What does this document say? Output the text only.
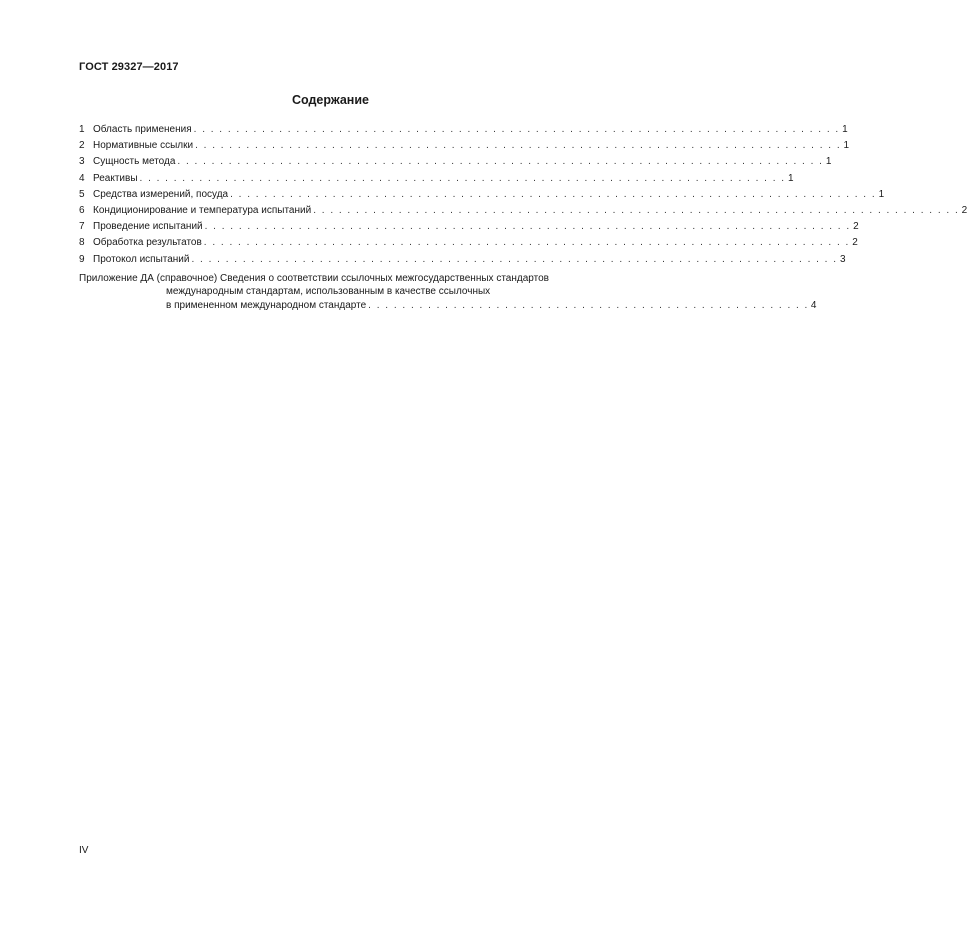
ГОСТ 29327—2017
Содержание
1 Область применения . . . . . . . . . . . . . . . . . . . . . . . . . . . . . . . . . . . . . . . . . . . . . . . . . . . . . . . . . . . . . . . . . . . . . . . . . . . . 1
2 Нормативные ссылки . . . . . . . . . . . . . . . . . . . . . . . . . . . . . . . . . . . . . . . . . . . . . . . . . . . . . . . . . . . . . . . . . . . . . . . . . . . . 1
3 Сущность метода . . . . . . . . . . . . . . . . . . . . . . . . . . . . . . . . . . . . . . . . . . . . . . . . . . . . . . . . . . . . . . . . . . . . . . . . . . . . 1
4 Реактивы . . . . . . . . . . . . . . . . . . . . . . . . . . . . . . . . . . . . . . . . . . . . . . . . . . . . . . . . . . . . . . . . . . . . . . . . . . . . 1
5 Средства измерений, посуда . . . . . . . . . . . . . . . . . . . . . . . . . . . . . . . . . . . . . . . . . . . . . . . . . . . . . . . . . . . . . . . . . . . . . . . . . . . . 1
6 Кондиционирование и температура испытаний . . . . . . . . . . . . . . . . . . . . . . . . . . . . . . . . . . . . . . . . . . . . . . . . . . . . . . . . . . . . . . . . . . . . . . . . . . . . 2
7 Проведение испытаний . . . . . . . . . . . . . . . . . . . . . . . . . . . . . . . . . . . . . . . . . . . . . . . . . . . . . . . . . . . . . . . . . . . . . . . . . . . . 2
8 Обработка результатов . . . . . . . . . . . . . . . . . . . . . . . . . . . . . . . . . . . . . . . . . . . . . . . . . . . . . . . . . . . . . . . . . . . . . . . . . . . . 2
9 Протокол испытаний . . . . . . . . . . . . . . . . . . . . . . . . . . . . . . . . . . . . . . . . . . . . . . . . . . . . . . . . . . . . . . . . . . . . . . . . . . . . 3
Приложение ДА (справочное) Сведения о соответствии ссылочных межгосударственных стандартов
международным стандартам, использованным в качестве ссылочных
в примененном международном стандарте . . . . . . . . . . . . . . . . . . . . . . . . . . . . . . . . . . . . . . . . . . . . . . . . . . . . 4
IV
